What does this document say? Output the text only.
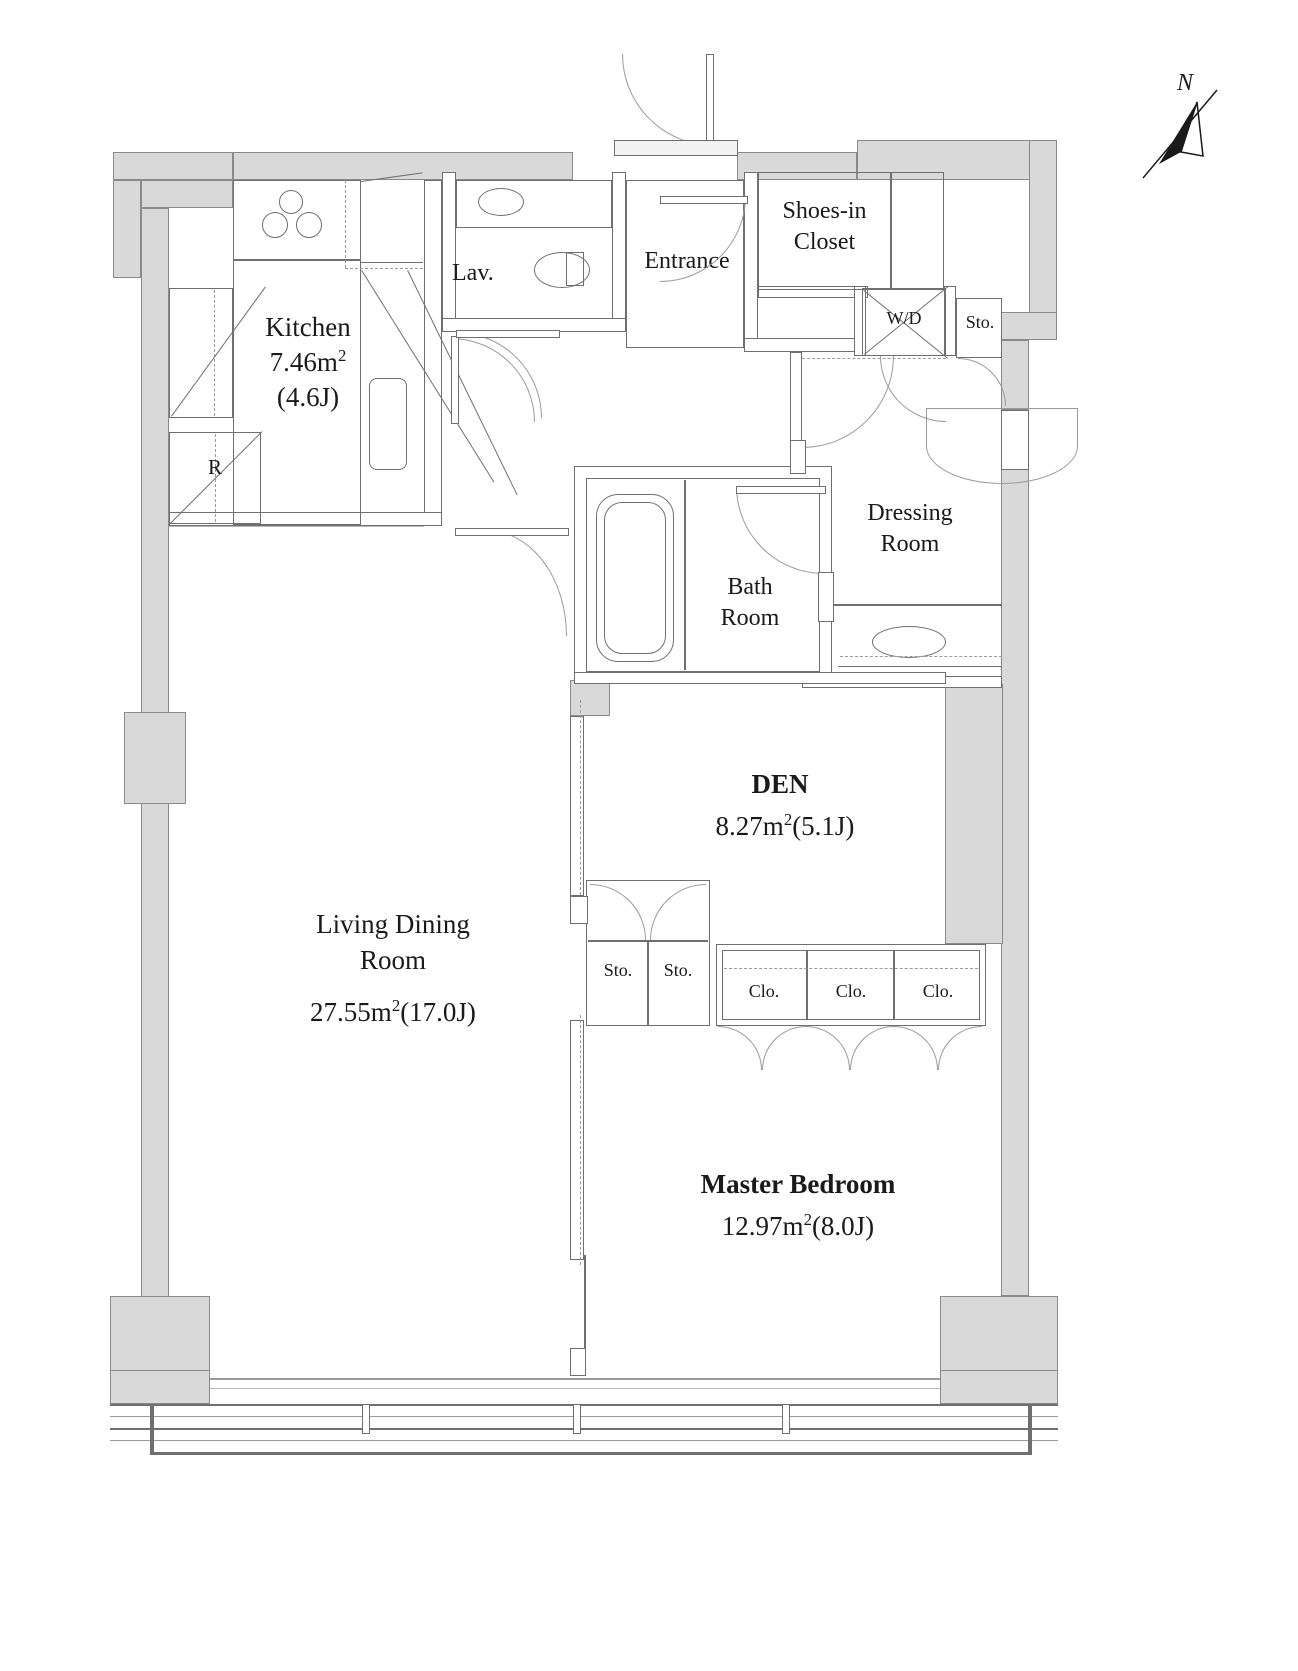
R
Lav.	Entrance
Shoes-in
Closet
W/D	Sto.
Dressing
Room
Bath
Room
DEN
$8.27m^2(5.1J)$
Living Dining
Room
$27.55m^2(17.0J)$
Sto.	Sto.
Clo.	Clo.	Clo.
Master Bedroom
$12.97m^2(8.0J)$
N
Kitchen
$7.46m^2$
(4.6J)
